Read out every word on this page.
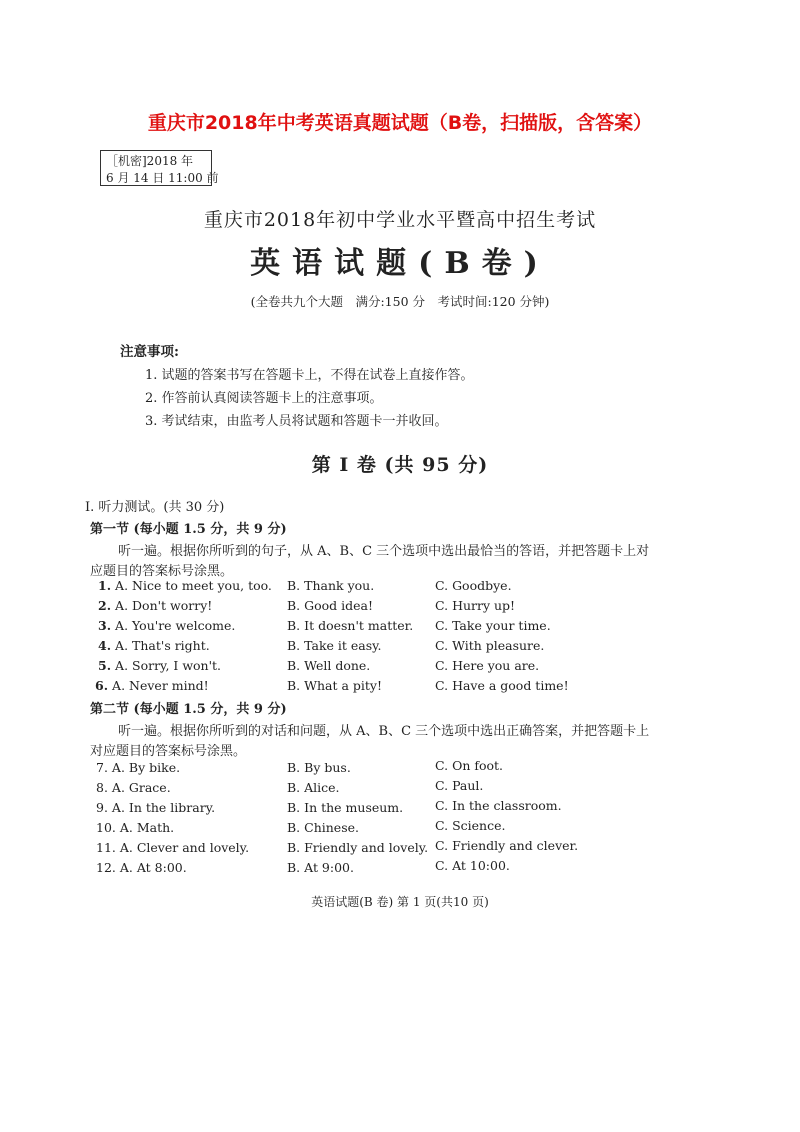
重庆市2018年中考英语真题试题（B卷，扫描版，含答案）
［机密]2018 年
6 月 14 日 11:00 前
重庆市2018年初中学业水平暨高中招生考试
英语试题(B卷)
(全卷共九个大题　满分:150 分　考试时间:120 分钟)
注意事项:
1. 试题的答案书写在答题卡上，不得在试卷上直接作答。
2. 作答前认真阅读答题卡上的注意事项。
3. 考试结束，由监考人员将试题和答题卡一并收回。
第 I 卷 (共 95 分)
I. 听力测试。(共 30 分)
第一节 (每小题 1.5 分，共 9 分)
听一遍。根据你所听到的句子，从 A、B、C 三个选项中选出最恰当的答语，并把答题卡上对
应题目的答案标号涂黑。
1. A. Nice to meet you, too. B. Thank you.	C. Goodbye.
2. A. Don't worry!	B. Good idea!	C. Hurry up!
3. A. You're welcome.	B. It doesn't matter. C. Take your time.
4. A. That's right.	B. Take it easy.	C. With pleasure.
5. A. Sorry, I won't.	B. Well done.	C. Here you are.
6. A. Never mind!	B. What a pity!	C. Have a good time!
第二节 (每小题 1.5 分，共 9 分)
听一遍。根据你所听到的对话和问题，从 A、B、C 三个选项中选出正确答案，并把答题卡上
对应题目的答案标号涂黑。
7. A. By bike.	B. By bus.	C. On foot.
8. A. Grace.	B. Alice.	C. Paul.
9. A. In the library.	B. In the museum.	C. In the classroom.
10. A. Math.	B. Chinese.	C. Science.
11. A. Clever and lovely.	B. Friendly and lovely. C. Friendly and clever.
12. A. At 8:00.	B. At 9:00.	C. At 10:00.
英语试题(B 卷) 第 1 页(共10 页)
